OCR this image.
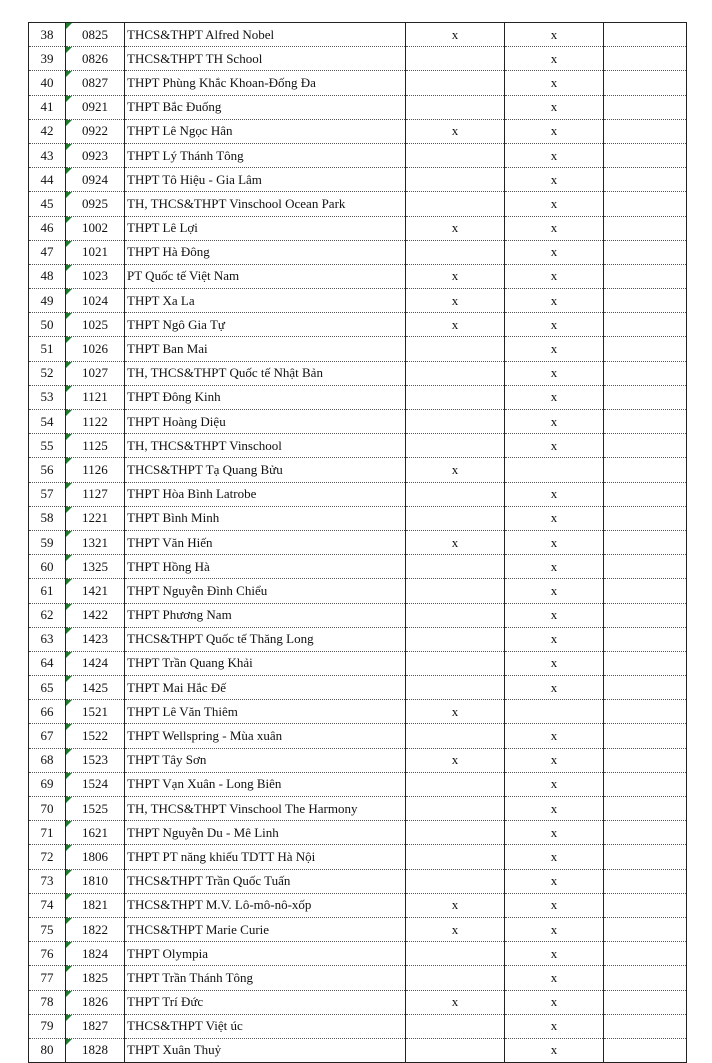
38	0825	THCS&THPT Alfred Nobel	x	x	
39	0826	THCS&THPT TH School		x	
40	0827	THPT Phùng Khắc Khoan-Đống Đa		x	
41	0921	THPT Bắc Đuống		x	
42	0922	THPT Lê Ngọc Hân	x	x	
43	0923	THPT Lý Thánh Tông		x	
44	0924	THPT Tô Hiệu - Gia Lâm		x	
45	0925	TH, THCS&THPT Vinschool Ocean Park		x	
46	1002	THPT Lê Lợi	x	x	
47	1021	THPT Hà Đông		x	
48	1023	PT Quốc tế Việt Nam	x	x	
49	1024	THPT Xa La	x	x	
50	1025	THPT Ngô Gia Tự	x	x	
51	1026	THPT Ban Mai		x	
52	1027	TH, THCS&THPT Quốc tế Nhật Bản		x	
53	1121	THPT Đông Kinh		x	
54	1122	THPT Hoàng Diệu		x	
55	1125	TH, THCS&THPT Vinschool		x	
56	1126	THCS&THPT Tạ Quang Bửu	x		
57	1127	THPT Hòa Bình Latrobe		x	
58	1221	THPT Bình Minh		x	
59	1321	THPT Văn Hiến	x	x	
60	1325	THPT Hồng Hà		x	
61	1421	THPT Nguyễn Đình Chiểu		x	
62	1422	THPT Phương Nam		x	
63	1423	THCS&THPT Quốc tế Thăng Long		x	
64	1424	THPT Trần Quang Khải		x	
65	1425	THPT Mai Hắc Đế		x	
66	1521	THPT Lê Văn Thiêm	x		
67	1522	THPT Wellspring - Mùa xuân		x	
68	1523	THPT Tây Sơn	x	x	
69	1524	THPT Vạn Xuân - Long Biên		x	
70	1525	TH, THCS&THPT Vinschool The Harmony		x	
71	1621	THPT Nguyễn Du - Mê Linh		x	
72	1806	THPT PT năng khiếu TDTT Hà Nội		x	
73	1810	THCS&THPT Trần Quốc Tuấn		x	
74	1821	THCS&THPT M.V. Lô-mô-nô-xốp	x	x	
75	1822	THCS&THPT Marie Curie	x	x	
76	1824	THPT Olympia		x	
77	1825	THPT Trần Thánh Tông		x	
78	1826	THPT Trí Đức	x	x	
79	1827	THCS&THPT Việt úc		x	
80	1828	THPT Xuân Thuỷ		x	
